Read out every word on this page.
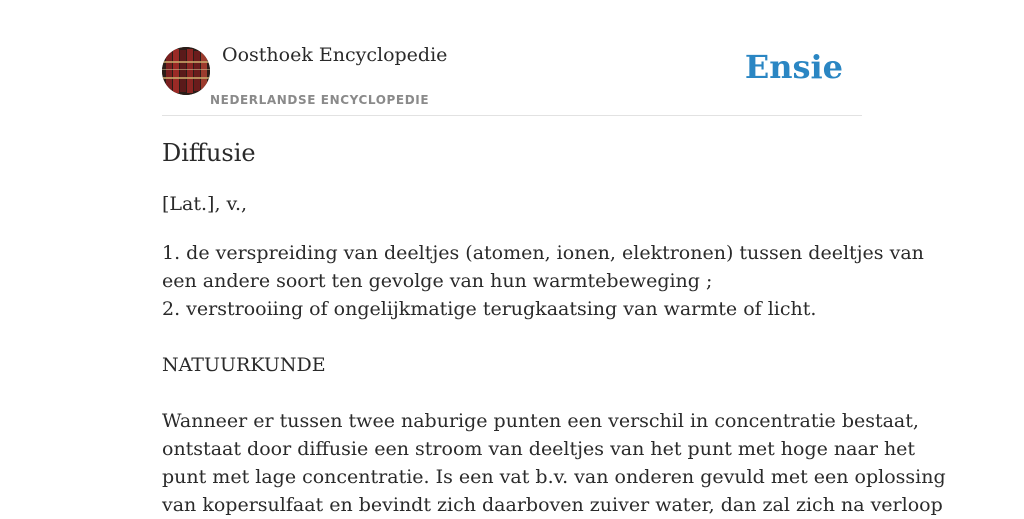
Oosthoek Encyclopedie
NEDERLANDSE ENCYCLOPEDIE
Ensie
Diffusie
[Lat.], v.,

1. de verspreiding van deeltjes (atomen, ionen, elektronen) tussen deeltjes van

een andere soort ten gevolge van hun warmtebeweging ;

2. verstrooiing of ongelijkmatige terugkaatsing van warmte of licht.

NATUURKUNDE

Wanneer er tussen twee naburige punten een verschil in concentratie bestaat,

ontstaat door diffusie een stroom van deeltjes van het punt met hoge naar het

punt met lage concentratie. Is een vat b.v. van onderen gevuld met een oplossing

van kopersulfaat en bevindt zich daarboven zuiver water, dan zal zich na verloop
